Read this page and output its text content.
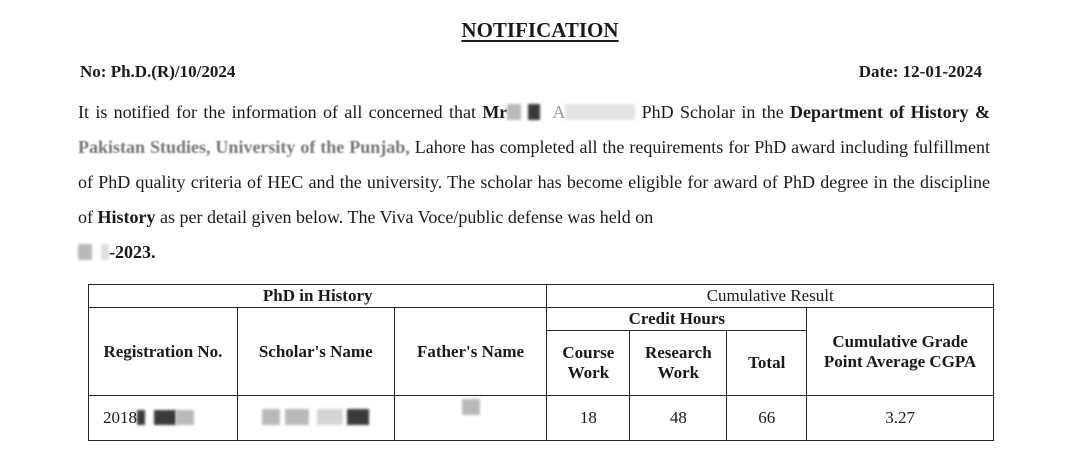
NOTIFICATION
No: Ph.D.(R)/10/2024	Date: 12-01-2024
It is notified for the information of all concerned that Mr	A	PhD Scholar in the Department of History & Pakistan Studies, University of the Punjab, Lahore has completed all the requirements for PhD award including fulfillment of PhD quality criteria of HEC and the university. The scholar has become eligible for award of PhD degree in the discipline of History as per detail given below. The Viva Voce/public defense was held on
-2023.
PhD in History			Cumulative Result			
Registration No.	Scholar's Name	Father's Name	Credit Hours			Cumulative Grade Point Average CGPA
			Course Work	Research Work	Total	
2018			18	48	66	3.27
